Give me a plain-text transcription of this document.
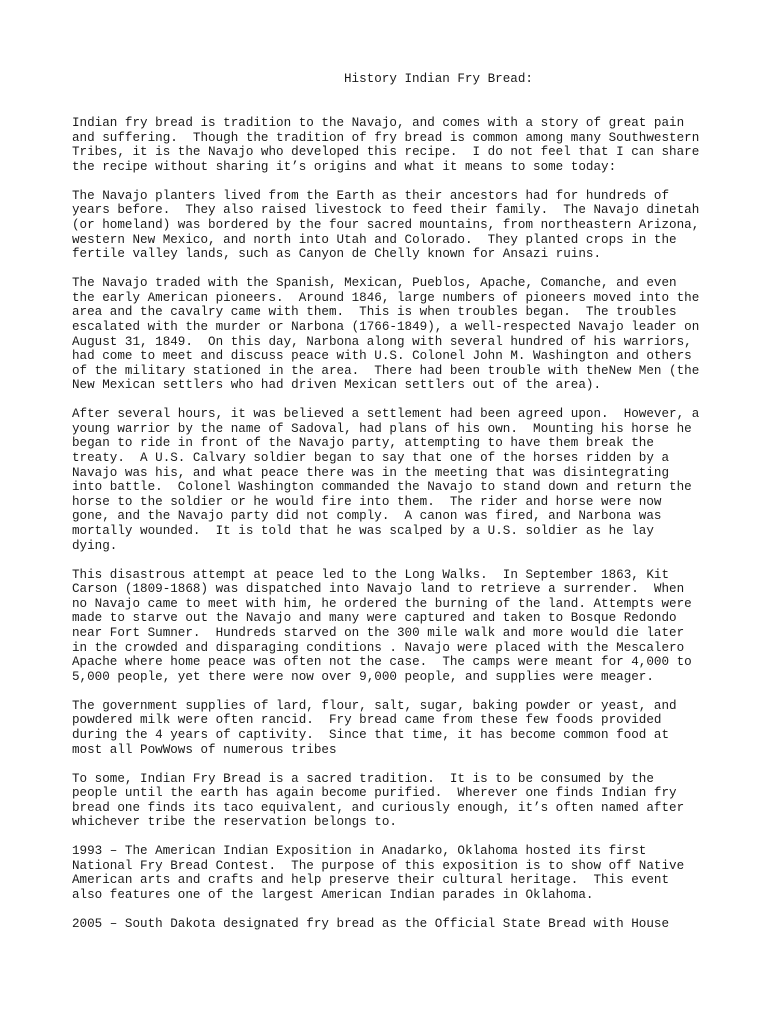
History Indian Fry Bread:

Indian fry bread is tradition to the Navajo, and comes with a story of great pain
and suffering.  Though the tradition of fry bread is common among many Southwestern
Tribes, it is the Navajo who developed this recipe.  I do not feel that I can share
the recipe without sharing it’s origins and what it means to some today:

The Navajo planters lived from the Earth as their ancestors had for hundreds of
years before.  They also raised livestock to feed their family.  The Navajo dinetah
(or homeland) was bordered by the four sacred mountains, from northeastern Arizona,
western New Mexico, and north into Utah and Colorado.  They planted crops in the
fertile valley lands, such as Canyon de Chelly known for Ansazi ruins.

The Navajo traded with the Spanish, Mexican, Pueblos, Apache, Comanche, and even
the early American pioneers.  Around 1846, large numbers of pioneers moved into the
area and the cavalry came with them.  This is when troubles began.  The troubles
escalated with the murder or Narbona (1766-1849), a well-respected Navajo leader on
August 31, 1849.  On this day, Narbona along with several hundred of his warriors,
had come to meet and discuss peace with U.S. Colonel John M. Washington and others
of the military stationed in the area.  There had been trouble with theNew Men (the
New Mexican settlers who had driven Mexican settlers out of the area).

After several hours, it was believed a settlement had been agreed upon.  However, a
young warrior by the name of Sadoval, had plans of his own.  Mounting his horse he
began to ride in front of the Navajo party, attempting to have them break the
treaty.  A U.S. Calvary soldier began to say that one of the horses ridden by a
Navajo was his, and what peace there was in the meeting that was disintegrating
into battle.  Colonel Washington commanded the Navajo to stand down and return the
horse to the soldier or he would fire into them.  The rider and horse were now
gone, and the Navajo party did not comply.  A canon was fired, and Narbona was
mortally wounded.  It is told that he was scalped by a U.S. soldier as he lay
dying.

This disastrous attempt at peace led to the Long Walks.  In September 1863, Kit
Carson (1809-1868) was dispatched into Navajo land to retrieve a surrender.  When
no Navajo came to meet with him, he ordered the burning of the land. Attempts were
made to starve out the Navajo and many were captured and taken to Bosque Redondo
near Fort Sumner.  Hundreds starved on the 300 mile walk and more would die later
in the crowded and disparaging conditions . Navajo were placed with the Mescalero
Apache where home peace was often not the case.  The camps were meant for 4,000 to
5,000 people, yet there were now over 9,000 people, and supplies were meager.

The government supplies of lard, flour, salt, sugar, baking powder or yeast, and
powdered milk were often rancid.  Fry bread came from these few foods provided
during the 4 years of captivity.  Since that time, it has become common food at
most all PowWows of numerous tribes

To some, Indian Fry Bread is a sacred tradition.  It is to be consumed by the
people until the earth has again become purified.  Wherever one finds Indian fry
bread one finds its taco equivalent, and curiously enough, it’s often named after
whichever tribe the reservation belongs to.

1993 – The American Indian Exposition in Anadarko, Oklahoma hosted its first
National Fry Bread Contest.  The purpose of this exposition is to show off Native
American arts and crafts and help preserve their cultural heritage.  This event
also features one of the largest American Indian parades in Oklahoma.

2005 – South Dakota designated fry bread as the Official State Bread with House
